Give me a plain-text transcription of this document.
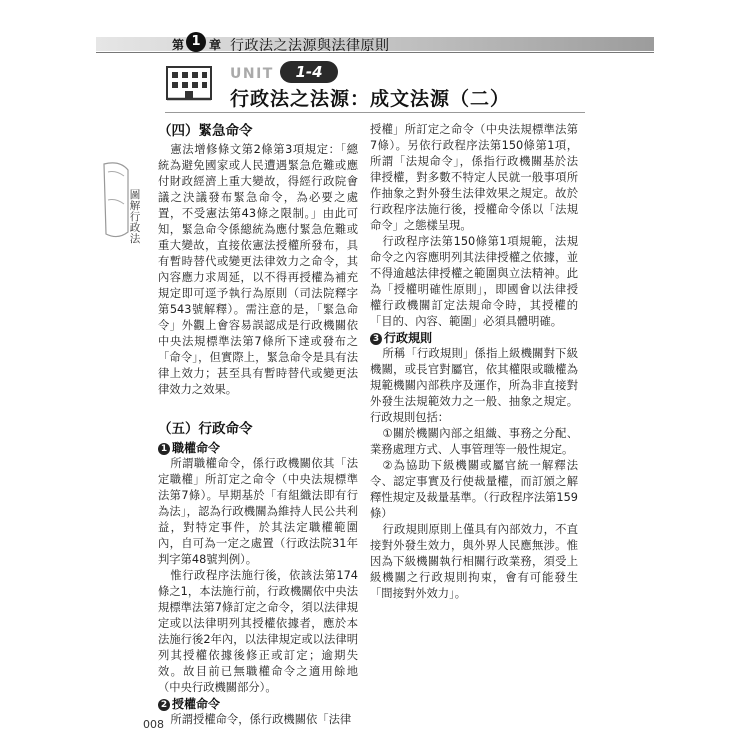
第 1 章 行政法之法源與法律原則
UNIT	1-4
行政法之法源：成文法源（二）
圖解行政法
（四）緊急命令

憲法增修條文第2條第3項規定：「總統為避免國家或人民遭遇緊急危難或應付財政經濟上重大變故，得經行政院會議之決議發布緊急命令，為必要之處置，不受憲法第43條之限制。」由此可知，緊急命令係總統為應付緊急危難或重大變故，直接依憲法授權所發布，具有暫時替代或變更法律效力之命令，其內容應力求周延，以不得再授權為補充規定即可逕予執行為原則（司法院釋字第543號解釋）。需注意的是，「緊急命令」外觀上會容易誤認成是行政機關依中央法規標準法第7條所下達或發布之「命令」，但實際上，緊急命令是具有法律上效力；甚至具有暫時替代或變更法律效力之效果。

（五）行政命令
1 職權命令

所謂職權命令，係行政機關依其「法定職權」所訂定之命令（中央法規標準法第7條）。早期基於「有組織法即有行為法」，認為行政機關為維持人民公共利益，對特定事件，於其法定職權範圍內，自可為一定之處置（行政法院31年判字第48號判例）。

惟行政程序法施行後，依該法第174條之1，本法施行前，行政機關依中央法規標準法第7條訂定之命令，須以法律規定或以法律明列其授權依據者，應於本法施行後2年內，以法律規定或以法律明列其授權依據後修正或訂定；逾期失效。故目前已無職權命令之適用餘地（中央行政機關部分）。

2 授權命令

所謂授權命令，係行政機關依「法律

授權」所訂定之命令（中央法規標準法第7條）。另依行政程序法第150條第1項，所謂「法規命令」，係指行政機關基於法律授權，對多數不特定人民就一般事項所作抽象之對外發生法律效果之規定。故於行政程序法施行後，授權命令係以「法規命令」之態樣呈現。

行政程序法第150條第1項規範，法規命令之內容應明列其法律授權之依據，並不得逾越法律授權之範圍與立法精神。此為「授權明確性原則」，即國會以法律授權行政機關訂定法規命令時，其授權的「目的、內容、範圍」必須具體明確。

3 行政規則

所稱「行政規則」係指上級機關對下級機關，或長官對屬官，依其權限或職權為規範機關內部秩序及運作，所為非直接對外發生法規範效力之一般、抽象之規定。行政規則包括：

①關於機關內部之組織、事務之分配、業務處理方式、人事管理等一般性規定。

②為協助下級機關或屬官統一解釋法令、認定事實及行使裁量權，而訂頒之解釋性規定及裁量基準。（行政程序法第159條）

行政規則原則上僅具有內部效力，不直接對外發生效力，與外界人民應無涉。惟因為下級機關執行相關行政業務，須受上級機關之行政規則拘束，會有可能發生「間接對外效力」。

008
